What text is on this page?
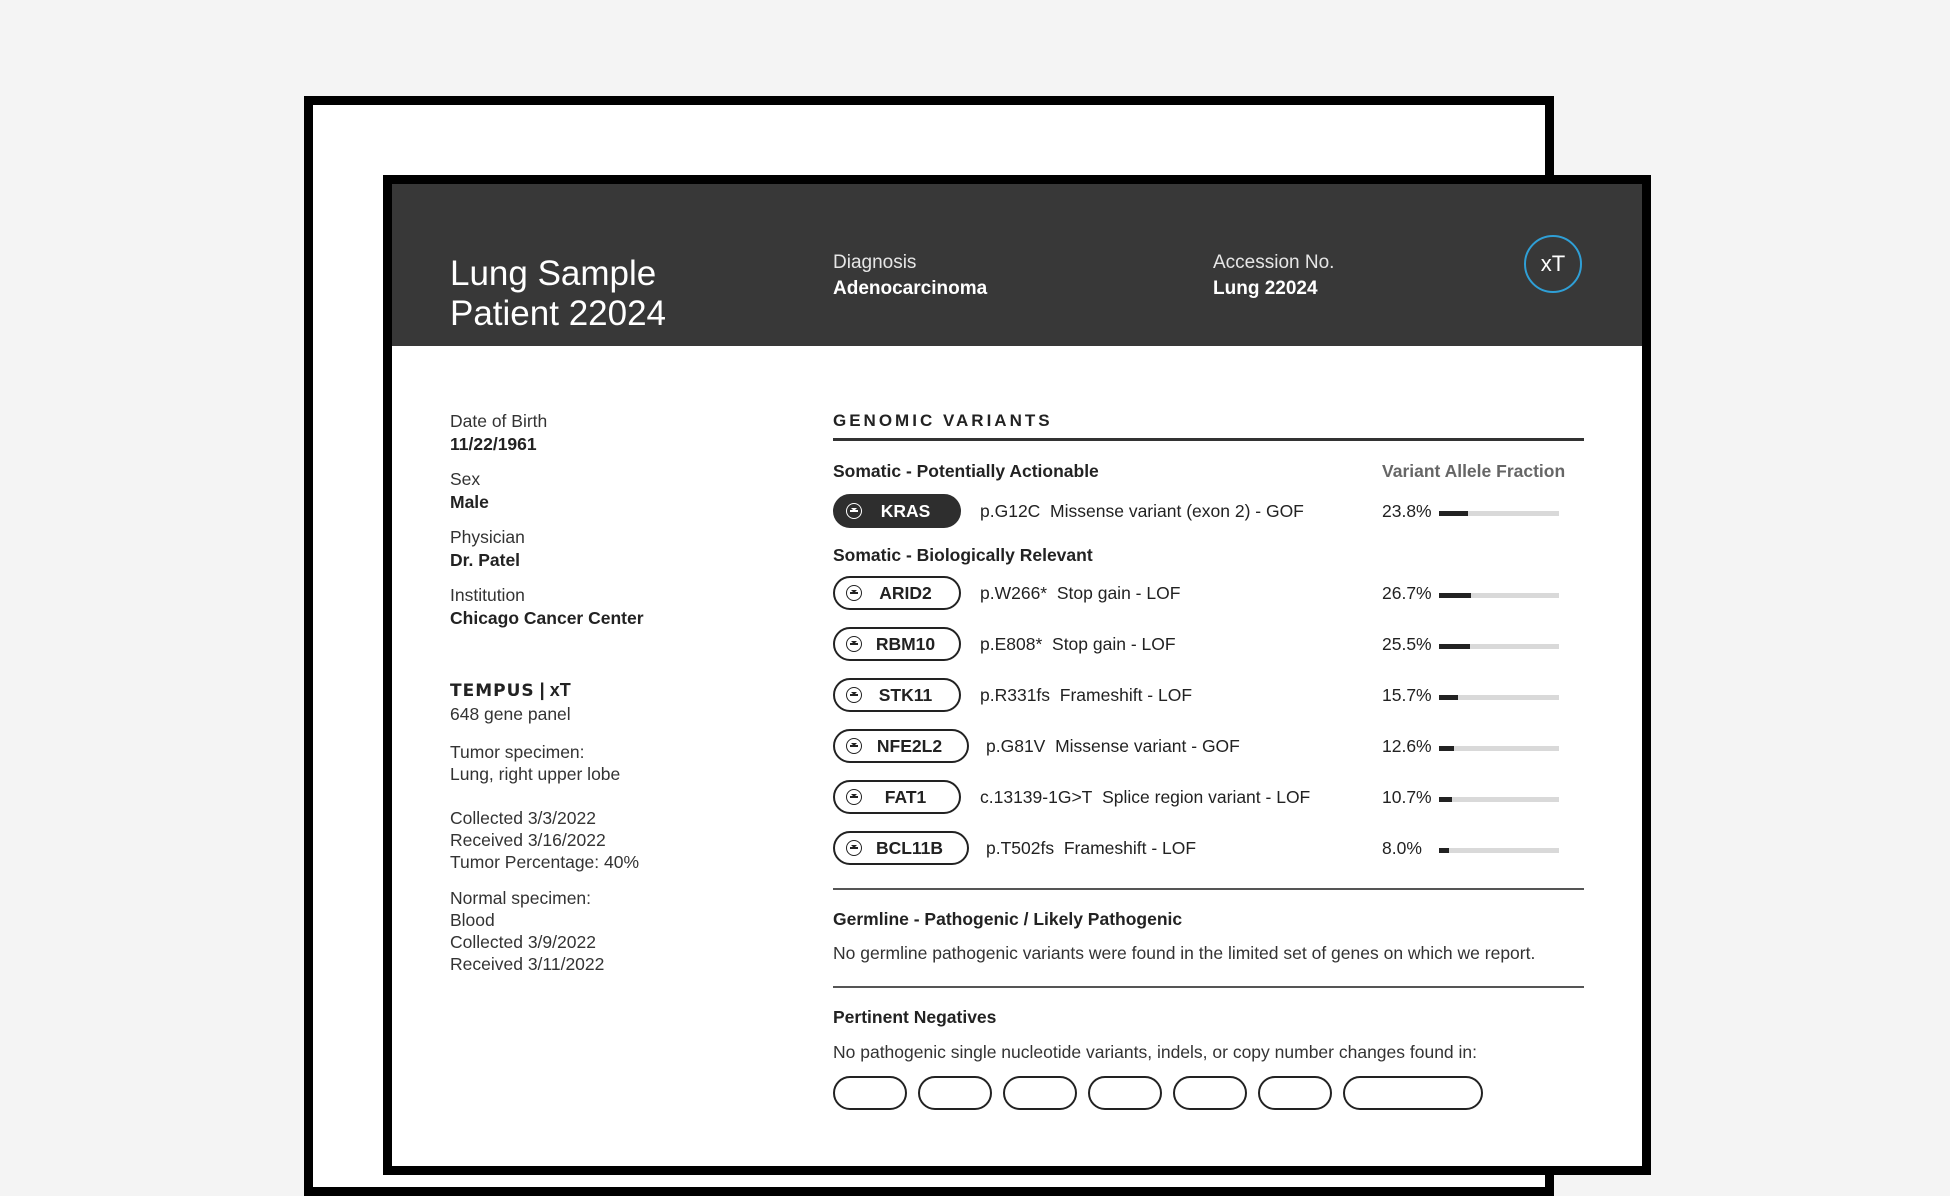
Lung Sample
Patient 22024
Diagnosis
Adenocarcinoma
Accession No.
Lung 22024
xT
Date of Birth
11/22/1961
Sex
Male
Physician
Dr. Patel
Institution
Chicago Cancer Center
TEMPUS | xT
648 gene panel
Tumor specimen:
Lung, right upper lobe
Collected 3/3/2022
Received 3/16/2022
Tumor Percentage: 40%
Normal specimen:
Blood
Collected 3/9/2022
Received 3/11/2022
GENOMIC VARIANTS
Somatic - Potentially Actionable	Variant Allele Fraction
KRAS	p.G12C Missense variant (exon 2) - GOF	23.8%
Somatic - Biologically Relevant
ARID2	p.W266* Stop gain - LOF	26.7%
RBM10	p.E808* Stop gain - LOF	25.5%
STK11	p.R331fs Frameshift - LOF	15.7%
NFE2L2	p.G81V Missense variant - GOF	12.6%
FAT1	c.13139-1G>T Splice region variant - LOF	10.7%
BCL11B	p.T502fs Frameshift - LOF	8.0%
Germline - Pathogenic / Likely Pathogenic
No germline pathogenic variants were found in the limited set of genes on which we report.
Pertinent Negatives
No pathogenic single nucleotide variants, indels, or copy number changes found in:
